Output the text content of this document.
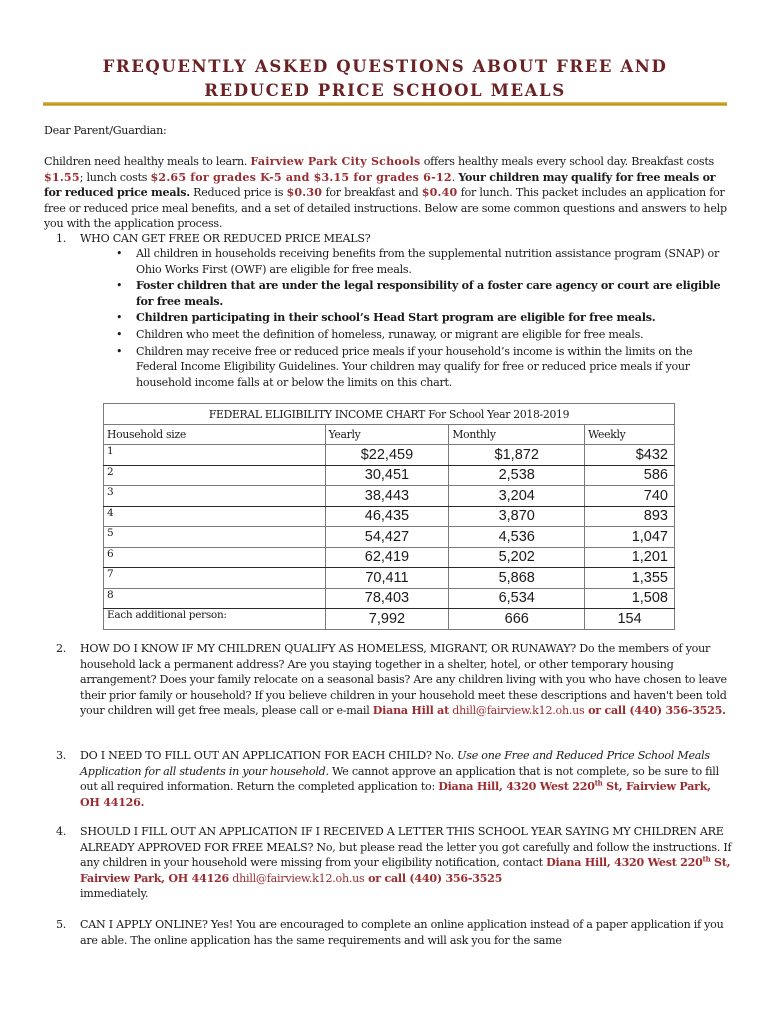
FREQUENTLY ASKED QUESTIONS ABOUT FREE AND
REDUCED PRICE SCHOOL MEALS
Dear Parent/Guardian:
Children need healthy meals to learn. Fairview Park City Schools offers healthy meals every school day. Breakfast costs $1.55; lunch costs $2.65 for grades K-5 and $3.15 for grades 6-12. Your children may qualify for free meals or for reduced price meals. Reduced price is $0.30 for breakfast and $0.40 for lunch. This packet includes an application for free or reduced price meal benefits, and a set of detailed instructions. Below are some common questions and answers to help you with the application process.
1. WHO CAN GET FREE OR REDUCED PRICE MEALS?
• All children in households receiving benefits from the supplemental nutrition assistance program (SNAP) or Ohio Works First (OWF) are eligible for free meals.
• Foster children that are under the legal responsibility of a foster care agency or court are eligible for free meals.
• Children participating in their school’s Head Start program are eligible for free meals.
• Children who meet the definition of homeless, runaway, or migrant are eligible for free meals.
• Children may receive free or reduced price meals if your household’s income is within the limits on the Federal Income Eligibility Guidelines. Your children may qualify for free or reduced price meals if your household income falls at or below the limits on this chart.
FEDERAL ELIGIBILITY INCOME CHART For School Year 2018-2019			
Household size	Yearly	Monthly	Weekly
1	$22,459	$1,872	$432
2	30,451	2,538	586
3	38,443	3,204	740
4	46,435	3,870	893
5	54,427	4,536	1,047
6	62,419	5,202	1,201
7	70,411	5,868	1,355
8	78,403	6,534	1,508
Each additional person:	7,992	666	154
2. HOW DO I KNOW IF MY CHILDREN QUALIFY AS HOMELESS, MIGRANT, OR RUNAWAY? Do the members of your household lack a permanent address? Are you staying together in a shelter, hotel, or other temporary housing arrangement? Does your family relocate on a seasonal basis? Are any children living with you who have chosen to leave their prior family or household? If you believe children in your household meet these descriptions and haven't been told your children will get free meals, please call or e-mail Diana Hill at dhill@fairview.k12.oh.us or call (440) 356-3525.
3. DO I NEED TO FILL OUT AN APPLICATION FOR EACH CHILD? No. Use one Free and Reduced Price School Meals Application for all students in your household. We cannot approve an application that is not complete, so be sure to fill out all required information. Return the completed application to: Diana Hill, 4320 West 220th St, Fairview Park, OH 44126.
4. SHOULD I FILL OUT AN APPLICATION IF I RECEIVED A LETTER THIS SCHOOL YEAR SAYING MY CHILDREN ARE ALREADY APPROVED FOR FREE MEALS? No, but please read the letter you got carefully and follow the instructions. If any children in your household were missing from your eligibility notification, contact Diana Hill, 4320 West 220th St, Fairview Park, OH 44126 dhill@fairview.k12.oh.us or call (440) 356-3525
immediately.
5. CAN I APPLY ONLINE? Yes! You are encouraged to complete an online application instead of a paper application if you are able. The online application has the same requirements and will ask you for the same
